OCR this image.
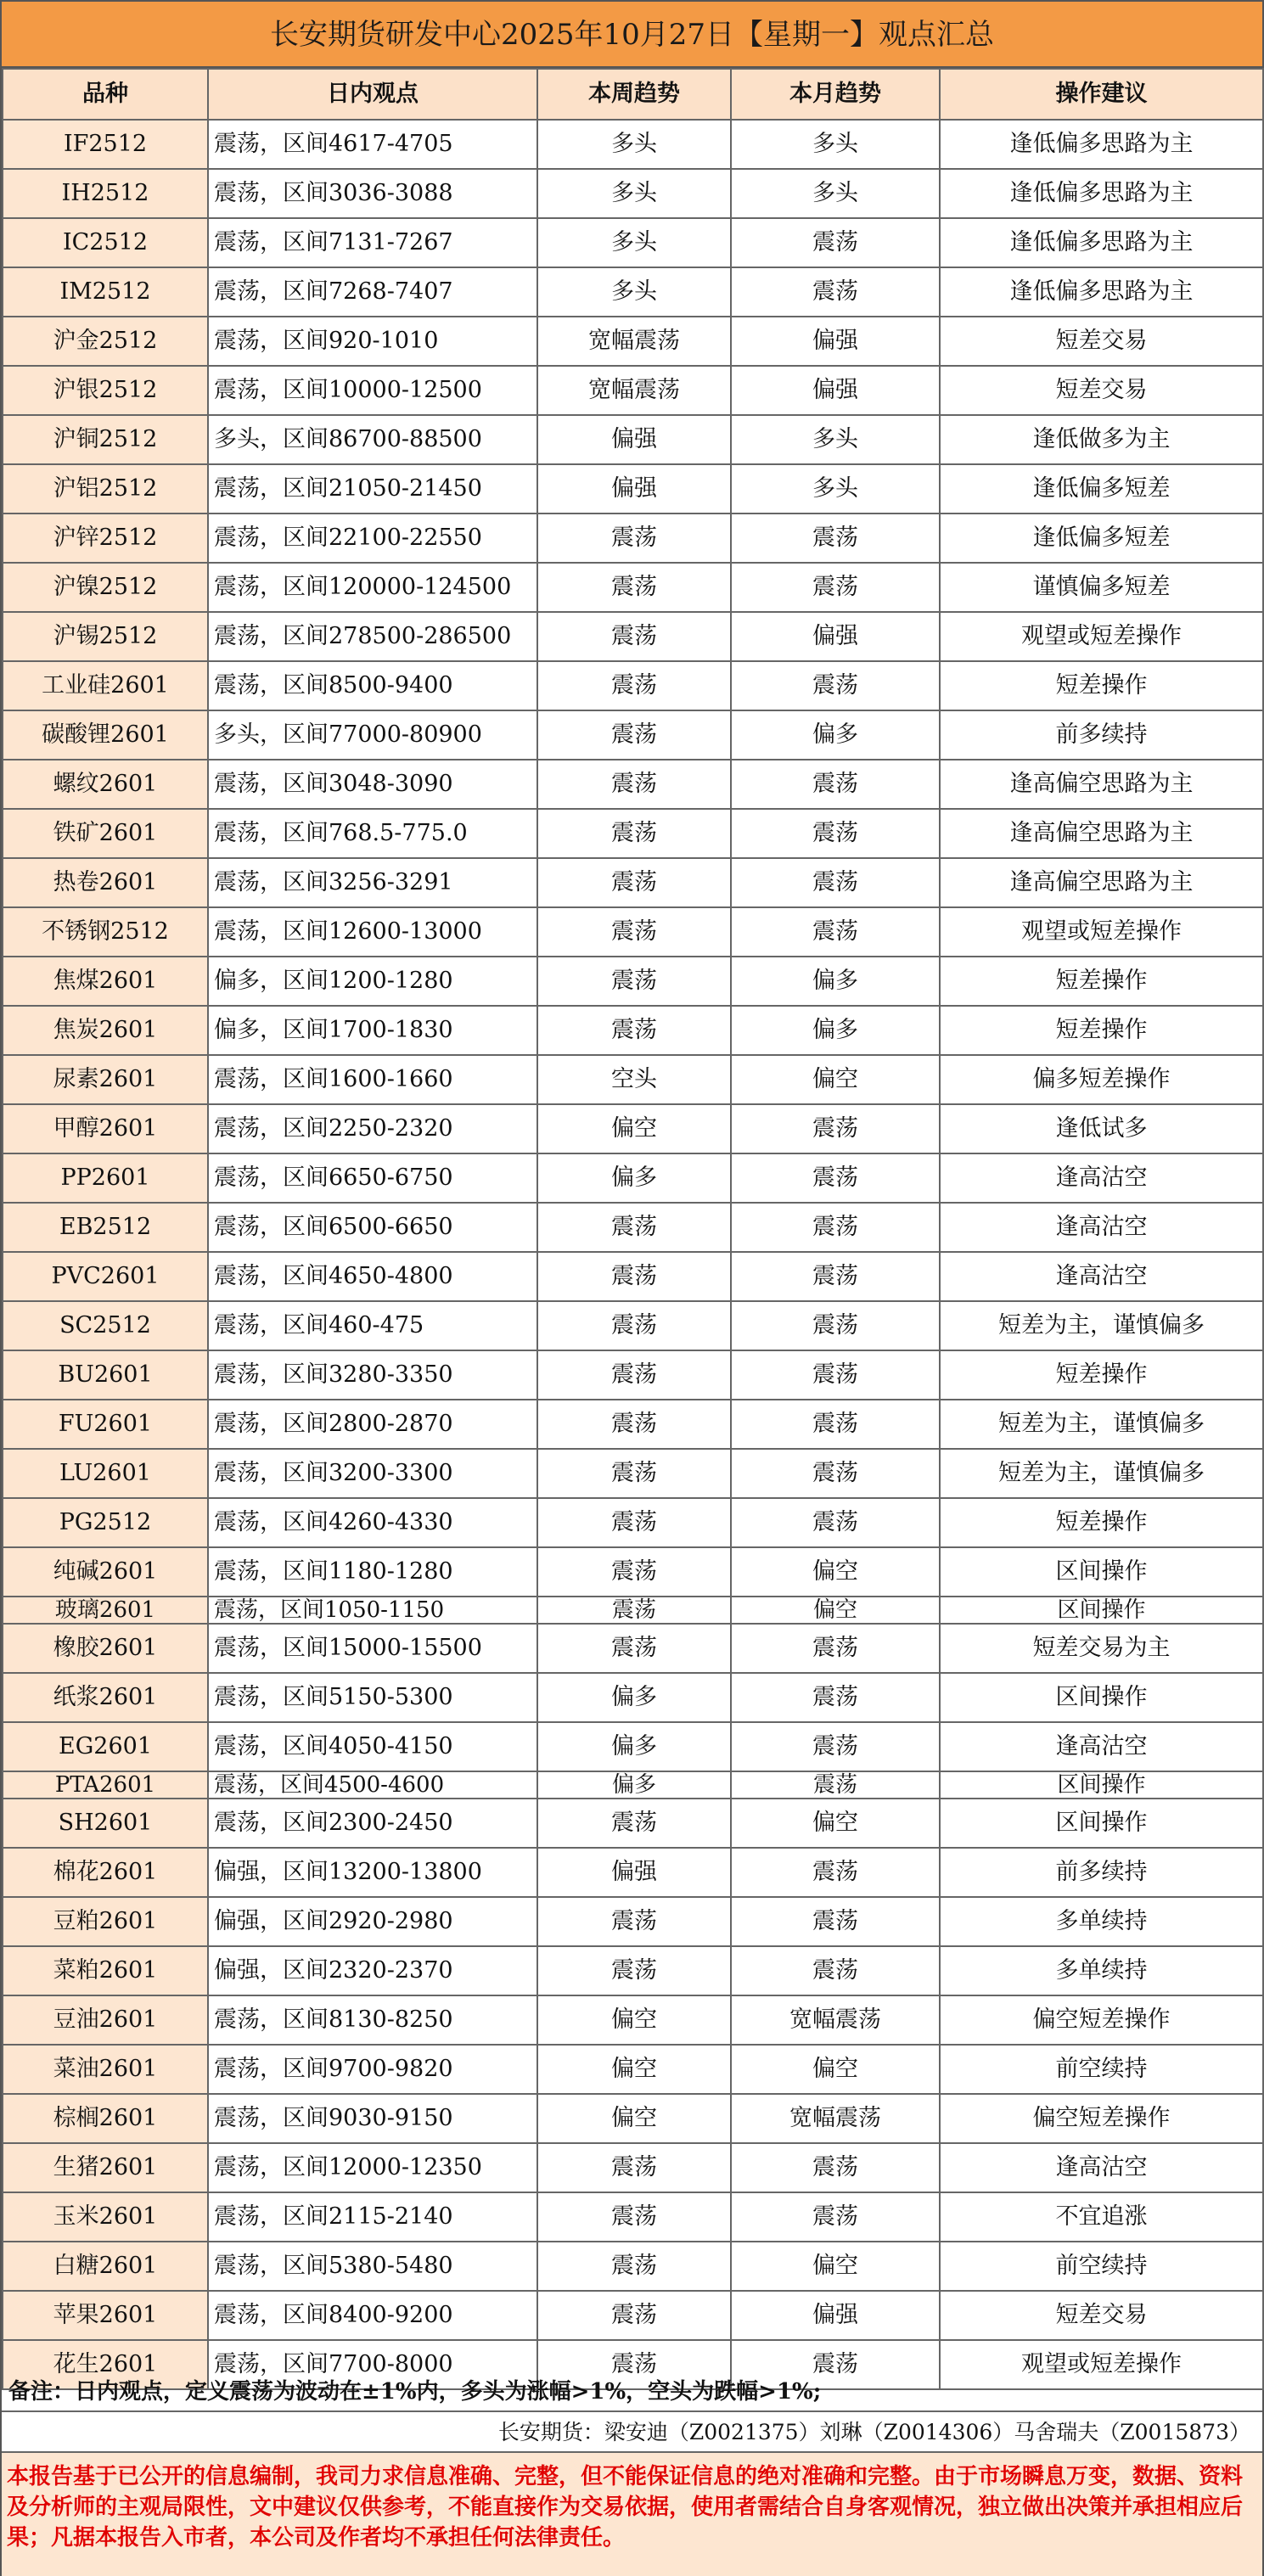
长安期货研发中心2025年10月27日【星期一】观点汇总
品种	日内观点	本周趋势	本月趋势	操作建议
IF2512	震荡，区间4617-4705	多头	多头	逢低偏多思路为主
IH2512	震荡，区间3036-3088	多头	多头	逢低偏多思路为主
IC2512	震荡，区间7131-7267	多头	震荡	逢低偏多思路为主
IM2512	震荡，区间7268-7407	多头	震荡	逢低偏多思路为主
沪金2512	震荡，区间920-1010	宽幅震荡	偏强	短差交易
沪银2512	震荡，区间10000-12500	宽幅震荡	偏强	短差交易
沪铜2512	多头，区间86700-88500	偏强	多头	逢低做多为主
沪铝2512	震荡，区间21050-21450	偏强	多头	逢低偏多短差
沪锌2512	震荡，区间22100-22550	震荡	震荡	逢低偏多短差
沪镍2512	震荡，区间120000-124500	震荡	震荡	谨慎偏多短差
沪锡2512	震荡，区间278500-286500	震荡	偏强	观望或短差操作
工业硅2601	震荡，区间8500-9400	震荡	震荡	短差操作
碳酸锂2601	多头，区间77000-80900	震荡	偏多	前多续持
螺纹2601	震荡，区间3048-3090	震荡	震荡	逢高偏空思路为主
铁矿2601	震荡，区间768.5-775.0	震荡	震荡	逢高偏空思路为主
热卷2601	震荡，区间3256-3291	震荡	震荡	逢高偏空思路为主
不锈钢2512	震荡，区间12600-13000	震荡	震荡	观望或短差操作
焦煤2601	偏多，区间1200-1280	震荡	偏多	短差操作
焦炭2601	偏多，区间1700-1830	震荡	偏多	短差操作
尿素2601	震荡，区间1600-1660	空头	偏空	偏多短差操作
甲醇2601	震荡，区间2250-2320	偏空	震荡	逢低试多
PP2601	震荡，区间6650-6750	偏多	震荡	逢高沽空
EB2512	震荡，区间6500-6650	震荡	震荡	逢高沽空
PVC2601	震荡，区间4650-4800	震荡	震荡	逢高沽空
SC2512	震荡，区间460-475	震荡	震荡	短差为主，谨慎偏多
BU2601	震荡，区间3280-3350	震荡	震荡	短差操作
FU2601	震荡，区间2800-2870	震荡	震荡	短差为主，谨慎偏多
LU2601	震荡，区间3200-3300	震荡	震荡	短差为主，谨慎偏多
PG2512	震荡，区间4260-4330	震荡	震荡	短差操作
纯碱2601	震荡，区间1180-1280	震荡	偏空	区间操作
玻璃2601	震荡，区间1050-1150	震荡	偏空	区间操作
橡胶2601	震荡，区间15000-15500	震荡	震荡	短差交易为主
纸浆2601	震荡，区间5150-5300	偏多	震荡	区间操作
EG2601	震荡，区间4050-4150	偏多	震荡	逢高沽空
PTA2601	震荡，区间4500-4600	偏多	震荡	区间操作
SH2601	震荡，区间2300-2450	震荡	偏空	区间操作
棉花2601	偏强，区间13200-13800	偏强	震荡	前多续持
豆粕2601	偏强，区间2920-2980	震荡	震荡	多单续持
菜粕2601	偏强，区间2320-2370	震荡	震荡	多单续持
豆油2601	震荡，区间8130-8250	偏空	宽幅震荡	偏空短差操作
菜油2601	震荡，区间9700-9820	偏空	偏空	前空续持
棕榈2601	震荡，区间9030-9150	偏空	宽幅震荡	偏空短差操作
生猪2601	震荡，区间12000-12350	震荡	震荡	逢高沽空
玉米2601	震荡，区间2115-2140	震荡	震荡	不宜追涨
白糖2601	震荡，区间5380-5480	震荡	偏空	前空续持
苹果2601	震荡，区间8400-9200	震荡	偏强	短差交易
花生2601	震荡，区间7700-8000	震荡	震荡	观望或短差操作
备注：日内观点，定义震荡为波动在±1%内，多头为涨幅>1%，空头为跌幅>1%;
长安期货：梁安迪（Z0021375）刘琳（Z0014306）马舍瑞夫（Z0015873）
本报告基于已公开的信息编制，我司力求信息准确、完整，但不能保证信息的绝对准确和完整。由于市场瞬息万变，数据、资料及分析师的主观局限性，文中建议仅供参考，不能直接作为交易依据，使用者需结合自身客观情况，独立做出决策并承担相应后果；凡据本报告入市者，本公司及作者均不承担任何法律责任。
